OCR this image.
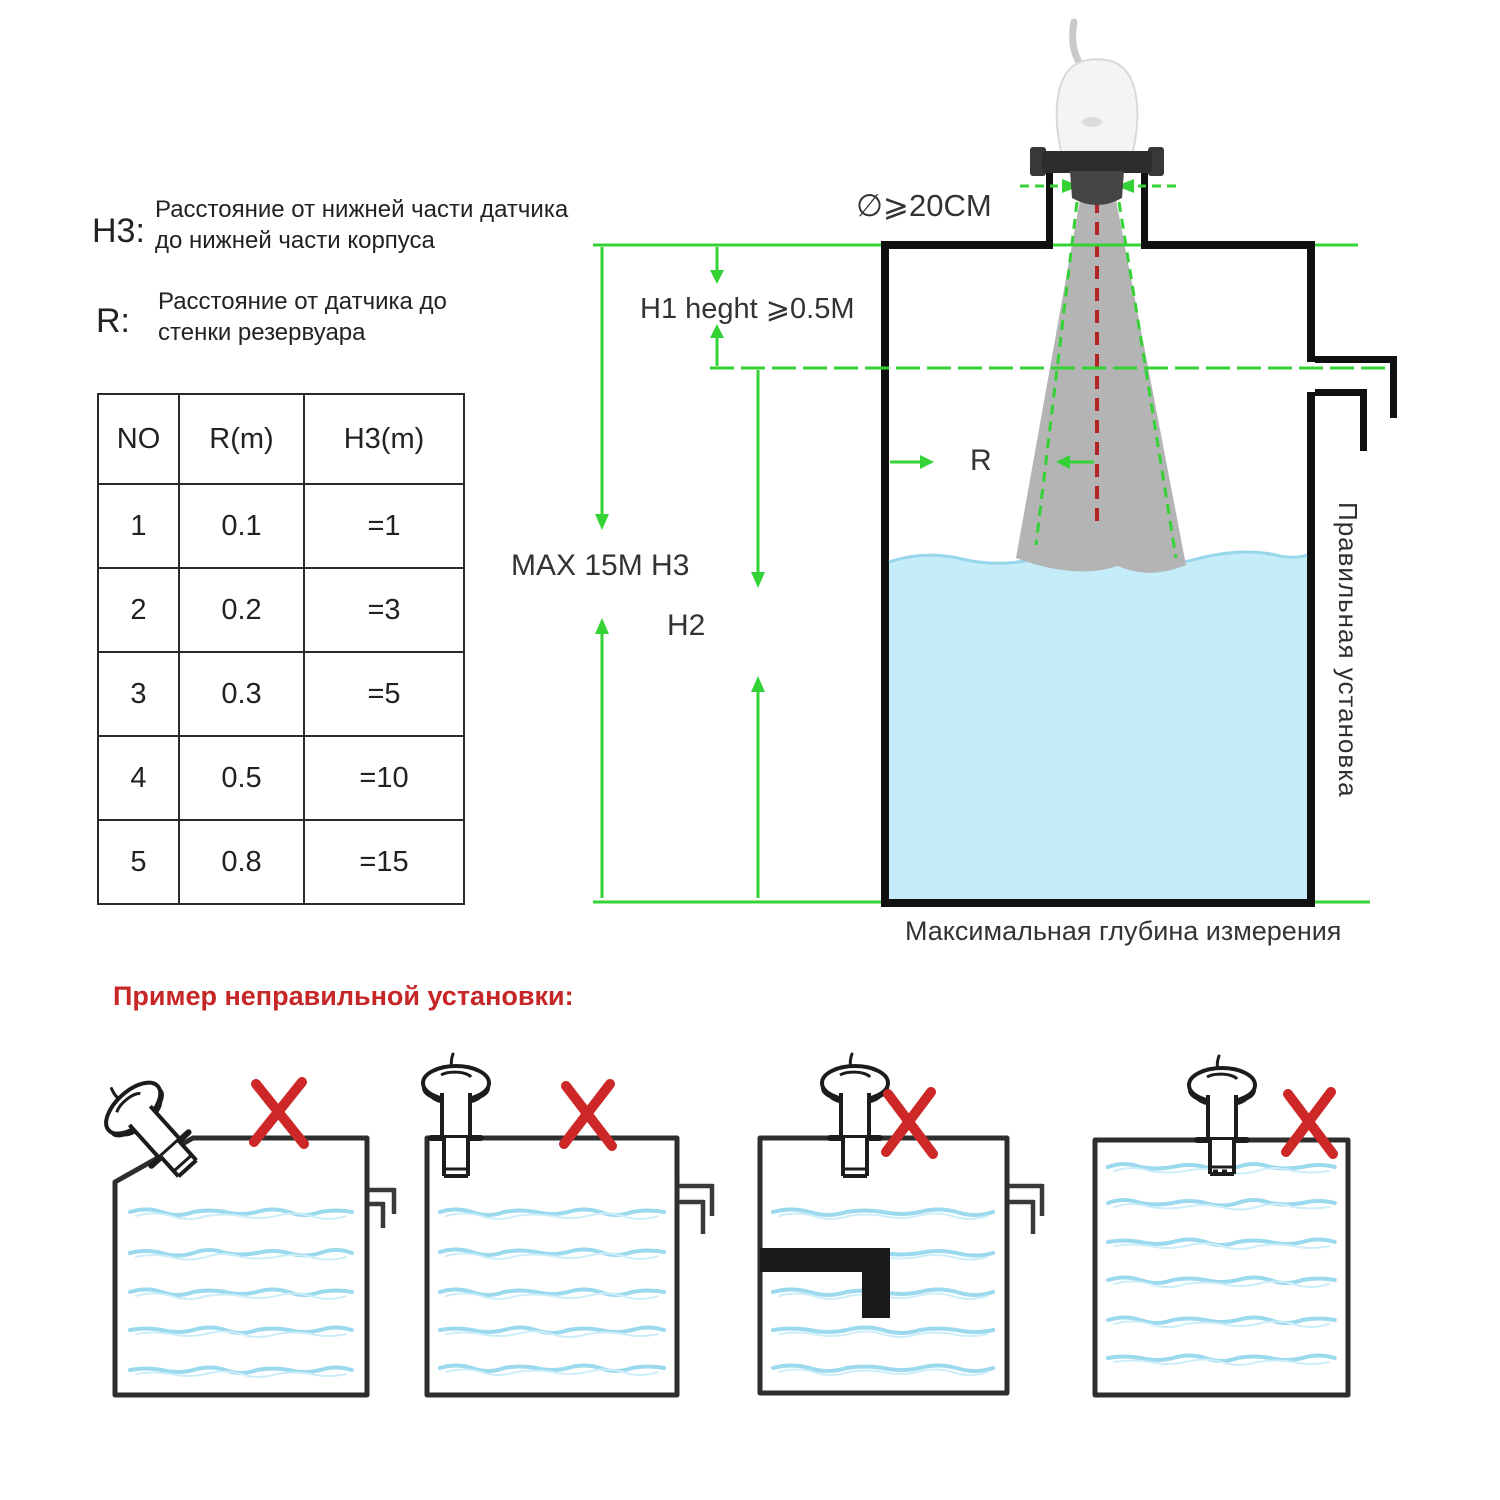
H3:
Расстояние от нижней части датчика до нижней части корпуса
R:
Расстояние от датчика до стенки резервуара
∅⩾20CM
H1 heght ⩾0.5M
MAX 15M H3
H2
R
Правильная установка
Максимальная глубина измерения
NO	R(m)	H3(m)
1	0.1	=1
2	0.2	=3
3	0.3	=5
4	0.5	=10
5	0.8	=15
Пример неправильной установки:
